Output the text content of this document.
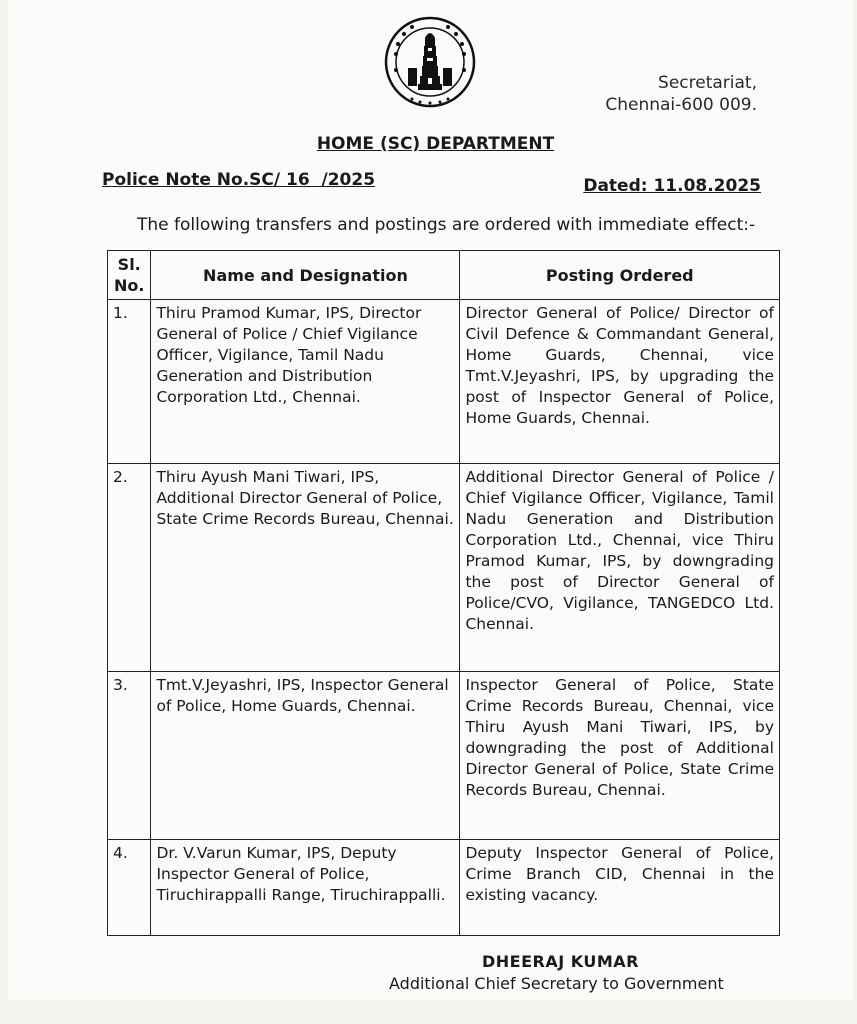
Secretariat,
Chennai-600 009.
HOME (SC) DEPARTMENT
Police Note No.SC/ 16  /2025	Dated: 11.08.2025
The following transfers and postings are ordered with immediate effect:-
Sl. No.	Name and Designation	Posting Ordered
1.	Thiru Pramod Kumar, IPS, Director General of Police / Chief Vigilance Officer, Vigilance, Tamil Nadu Generation and Distribution Corporation Ltd., Chennai.	Director General of Police/ Director of Civil Defence & Commandant General, Home Guards, Chennai, vice Tmt.V.Jeyashri, IPS, by upgrading the post of Inspector General of Police, Home Guards, Chennai.
2.	Thiru Ayush Mani Tiwari, IPS, Additional Director General of Police, State Crime Records Bureau, Chennai.	Additional Director General of Police / Chief Vigilance Officer, Vigilance, Tamil Nadu Generation and Distribution Corporation Ltd., Chennai, vice Thiru Pramod Kumar, IPS, by downgrading the post of Director General of Police/CVO, Vigilance, TANGEDCO Ltd. Chennai.
3.	Tmt.V.Jeyashri, IPS, Inspector General of Police, Home Guards, Chennai.	Inspector General of Police, State Crime Records Bureau, Chennai, vice Thiru Ayush Mani Tiwari, IPS, by downgrading the post of Additional Director General of Police, State Crime Records Bureau, Chennai.
4.	Dr. V.Varun Kumar, IPS, Deputy Inspector General of Police, Tiruchirappalli Range, Tiruchirappalli.	Deputy Inspector General of Police, Crime Branch CID, Chennai in the existing vacancy.
DHEERAJ KUMAR
Additional Chief Secretary to Government
